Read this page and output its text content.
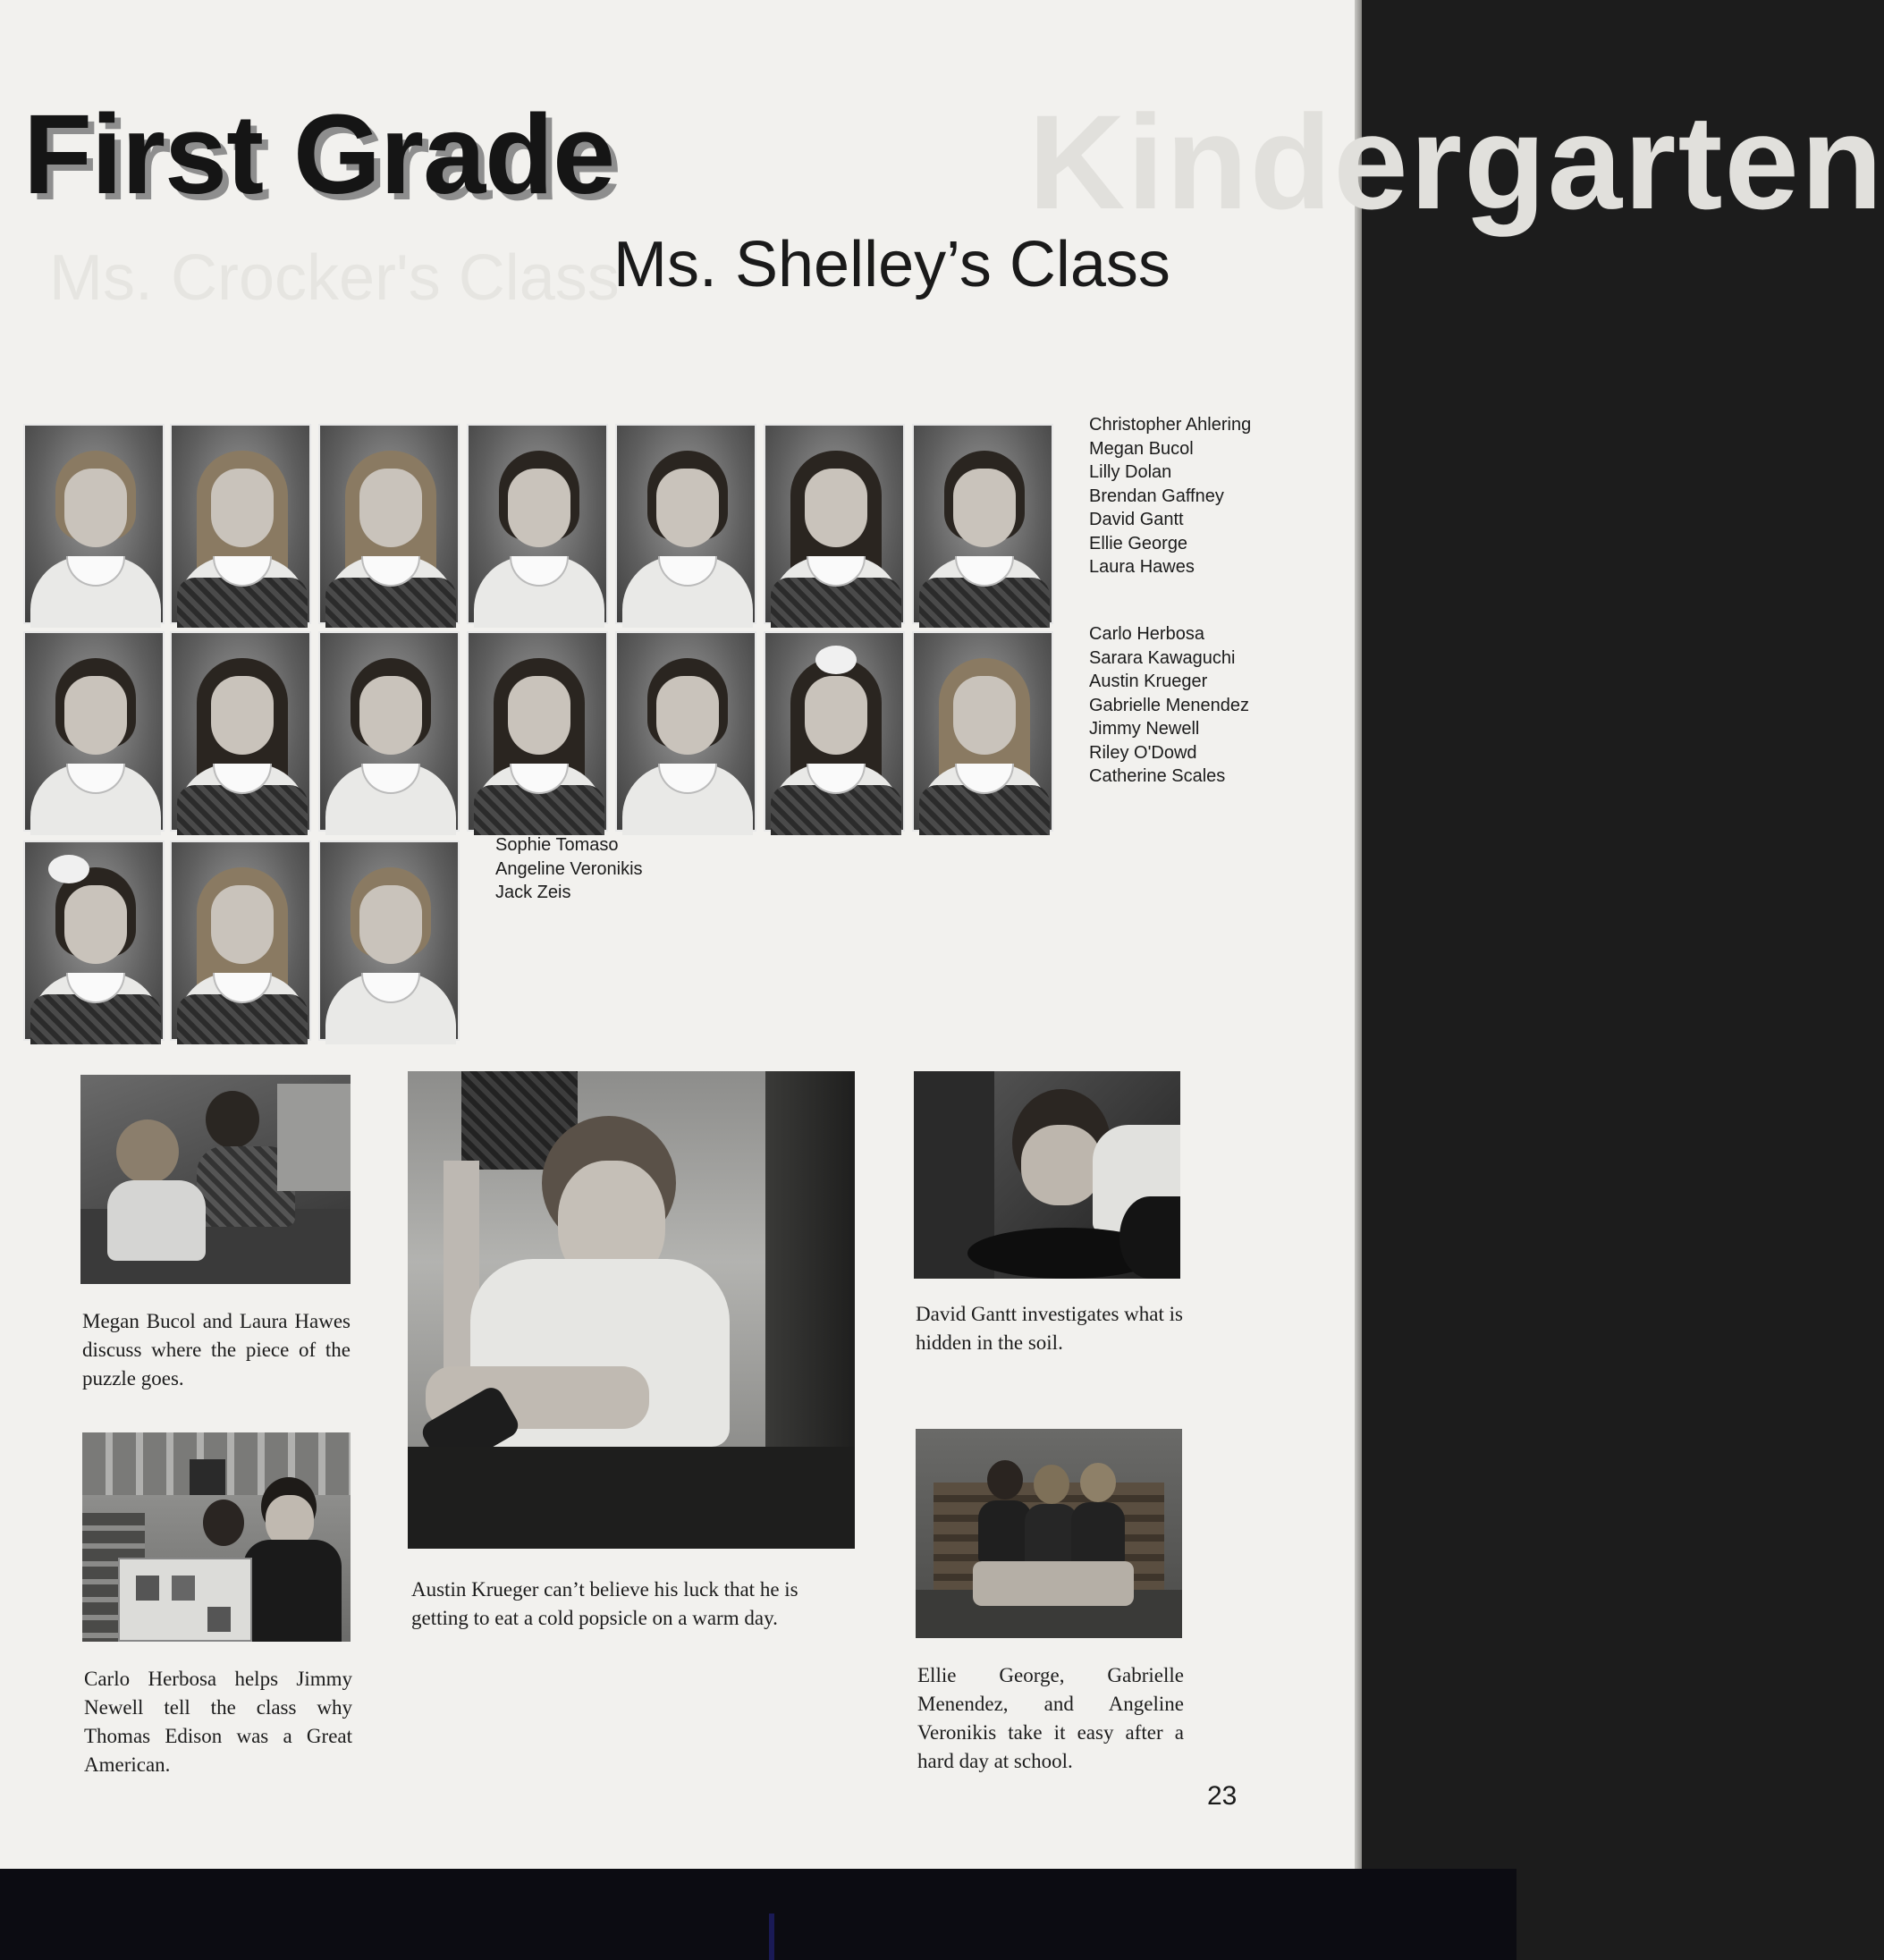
Kindergarten
Ms. Crocker's Class
First Grade
Ms. Shelley’s Class
Christopher Ahlering
Megan Bucol
Lilly Dolan
Brendan Gaffney
David Gantt
Ellie George
Laura Hawes
Carlo Herbosa
Sarara Kawaguchi
Austin Krueger
Gabrielle Menendez
Jimmy Newell
Riley O'Dowd
Catherine Scales
Sophie Tomaso
Angeline Veronikis
Jack Zeis
Megan Bucol and Laura Hawes discuss where the piece of the puzzle goes.
Austin Krueger can’t believe his luck that he is getting to eat a cold popsicle on a warm day.
David Gantt investigates what is hidden in the soil.
Carlo Herbosa helps Jimmy Newell tell the class why Thomas Edison was a Great American.
Ellie George, Gabrielle Menendez, and Angeline Veronikis take it easy after a hard day at school.
23
